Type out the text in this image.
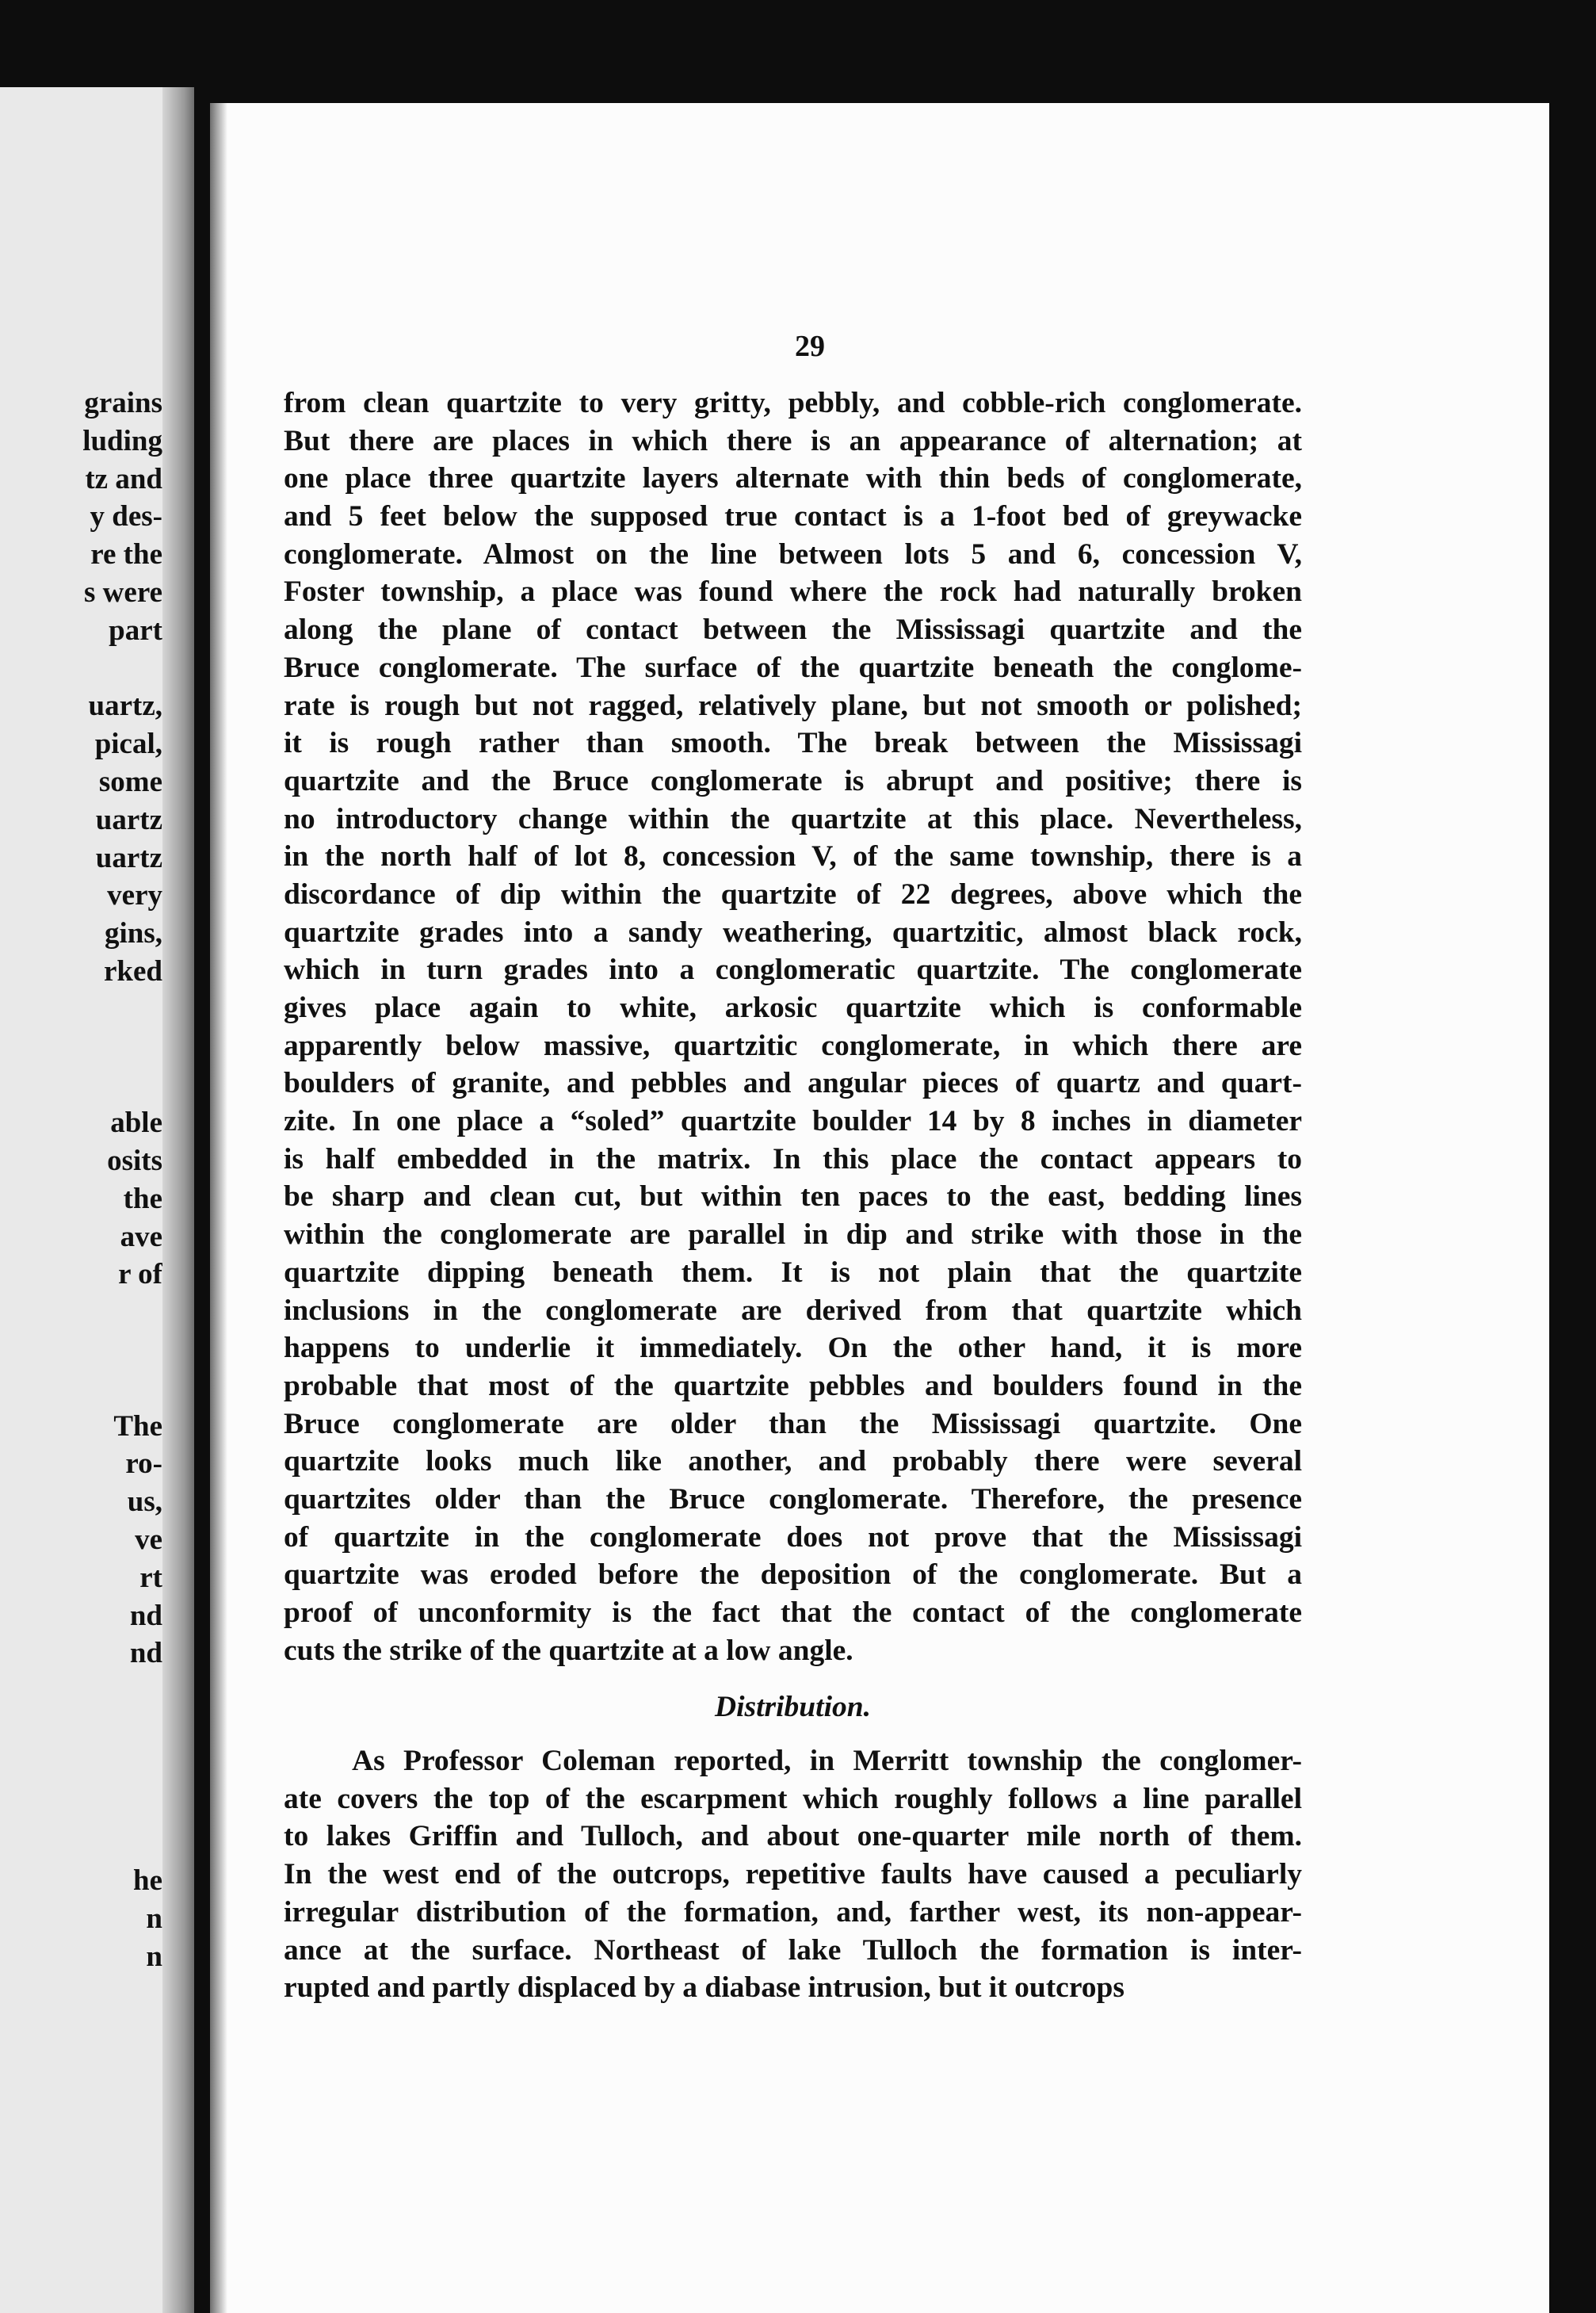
grains
luding
tz and
y des-
re the
s were
part
uartz,
pical,
some
uartz
uartz
very
gins,
rked
able
osits
the
ave
r of
The
ro-
us,
ve
rt
nd
nd
he
n
n
29
from clean quartzite to very gritty, pebbly, and cobble-rich conglomerate.
But there are places in which there is an appearance of alternation; at
one place three quartzite layers alternate with thin beds of conglomerate,
and 5 feet below the supposed true contact is a 1-foot bed of greywacke
conglomerate. Almost on the line between lots 5 and 6, concession V,
Foster township, a place was found where the rock had naturally broken
along the plane of contact between the Mississagi quartzite and the
Bruce conglomerate. The surface of the quartzite beneath the conglome-
rate is rough but not ragged, relatively plane, but not smooth or polished;
it is rough rather than smooth. The break between the Mississagi
quartzite and the Bruce conglomerate is abrupt and positive; there is
no introductory change within the quartzite at this place. Nevertheless,
in the north half of lot 8, concession V, of the same township, there is a
discordance of dip within the quartzite of 22 degrees, above which the
quartzite grades into a sandy weathering, quartzitic, almost black rock,
which in turn grades into a conglomeratic quartzite. The conglomerate
gives place again to white, arkosic quartzite which is conformable
apparently below massive, quartzitic conglomerate, in which there are
boulders of granite, and pebbles and angular pieces of quartz and quart-
zite. In one place a “soled” quartzite boulder 14 by 8 inches in diameter
is half embedded in the matrix. In this place the contact appears to
be sharp and clean cut, but within ten paces to the east, bedding lines
within the conglomerate are parallel in dip and strike with those in the
quartzite dipping beneath them. It is not plain that the quartzite
inclusions in the conglomerate are derived from that quartzite which
happens to underlie it immediately. On the other hand, it is more
probable that most of the quartzite pebbles and boulders found in the
Bruce conglomerate are older than the Mississagi quartzite. One
quartzite looks much like another, and probably there were several
quartzites older than the Bruce conglomerate. Therefore, the presence
of quartzite in the conglomerate does not prove that the Mississagi
quartzite was eroded before the deposition of the conglomerate. But a
proof of unconformity is the fact that the contact of the conglomerate
cuts the strike of the quartzite at a low angle.
Distribution.
As Professor Coleman reported, in Merritt township the conglomer-
ate covers the top of the escarpment which roughly follows a line parallel
to lakes Griffin and Tulloch, and about one-quarter mile north of them.
In the west end of the outcrops, repetitive faults have caused a peculiarly
irregular distribution of the formation, and, farther west, its non-appear-
ance at the surface. Northeast of lake Tulloch the formation is inter-
rupted and partly displaced by a diabase intrusion, but it outcrops
